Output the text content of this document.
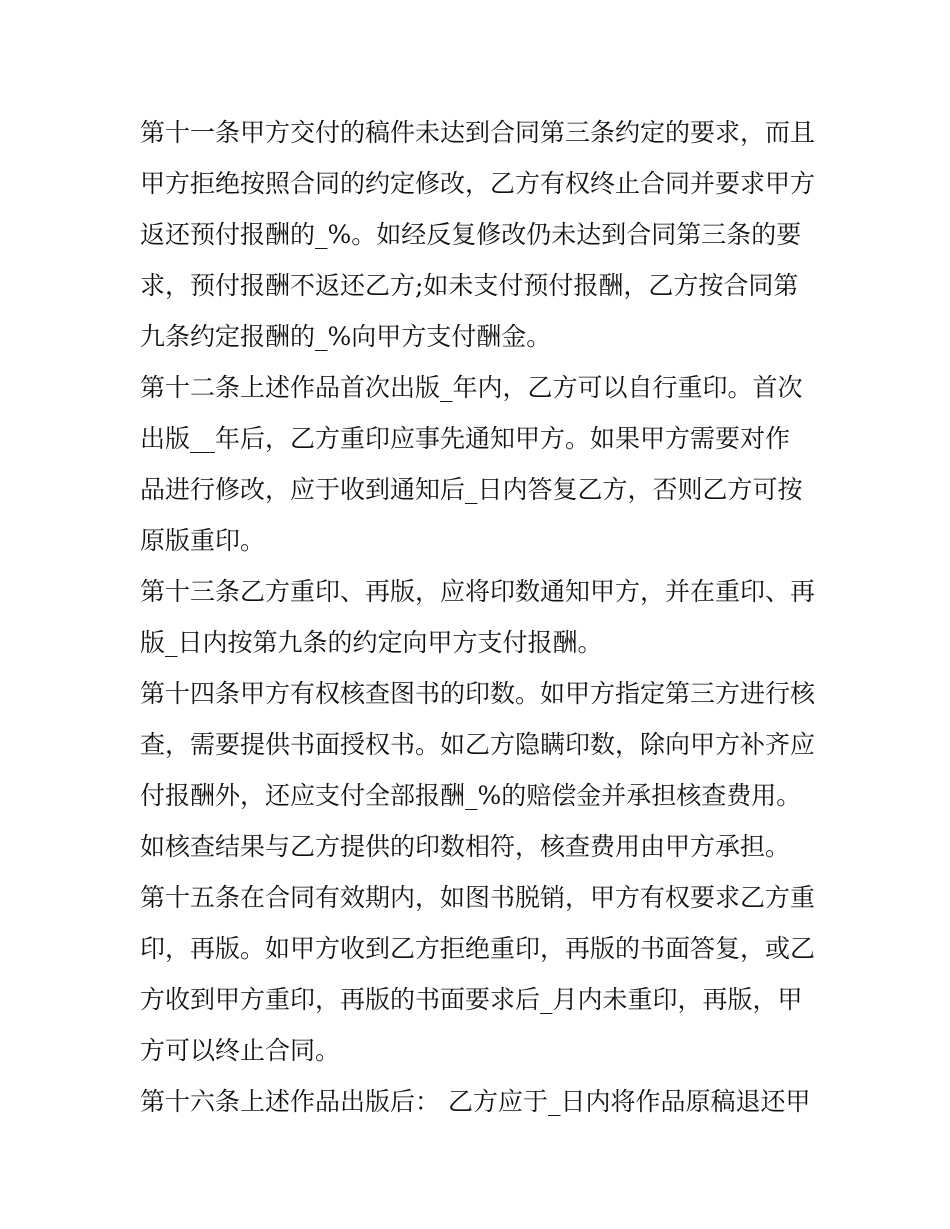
第十一条甲方交付的稿件未达到合同第三条约定的要求，而且
甲方拒绝按照合同的约定修改，乙方有权终止合同并要求甲方
返还预付报酬的_%。如经反复修改仍未达到合同第三条的要
求，预付报酬不返还乙方;如未支付预付报酬，乙方按合同第
九条约定报酬的_%向甲方支付酬金。
第十二条上述作品首次出版_年内，乙方可以自行重印。首次
出版__年后，乙方重印应事先通知甲方。如果甲方需要对作
品进行修改，应于收到通知后_日内答复乙方，否则乙方可按
原版重印。
第十三条乙方重印、再版，应将印数通知甲方，并在重印、再
版_日内按第九条的约定向甲方支付报酬。
第十四条甲方有权核查图书的印数。如甲方指定第三方进行核
查，需要提供书面授权书。如乙方隐瞒印数，除向甲方补齐应
付报酬外，还应支付全部报酬_%的赔偿金并承担核查费用。
如核查结果与乙方提供的印数相符，核查费用由甲方承担。
第十五条在合同有效期内，如图书脱销，甲方有权要求乙方重
印，再版。如甲方收到乙方拒绝重印，再版的书面答复，或乙
方收到甲方重印，再版的书面要求后_月内未重印，再版，甲
方可以终止合同。
第十六条上述作品出版后： 乙方应于_日内将作品原稿退还甲
